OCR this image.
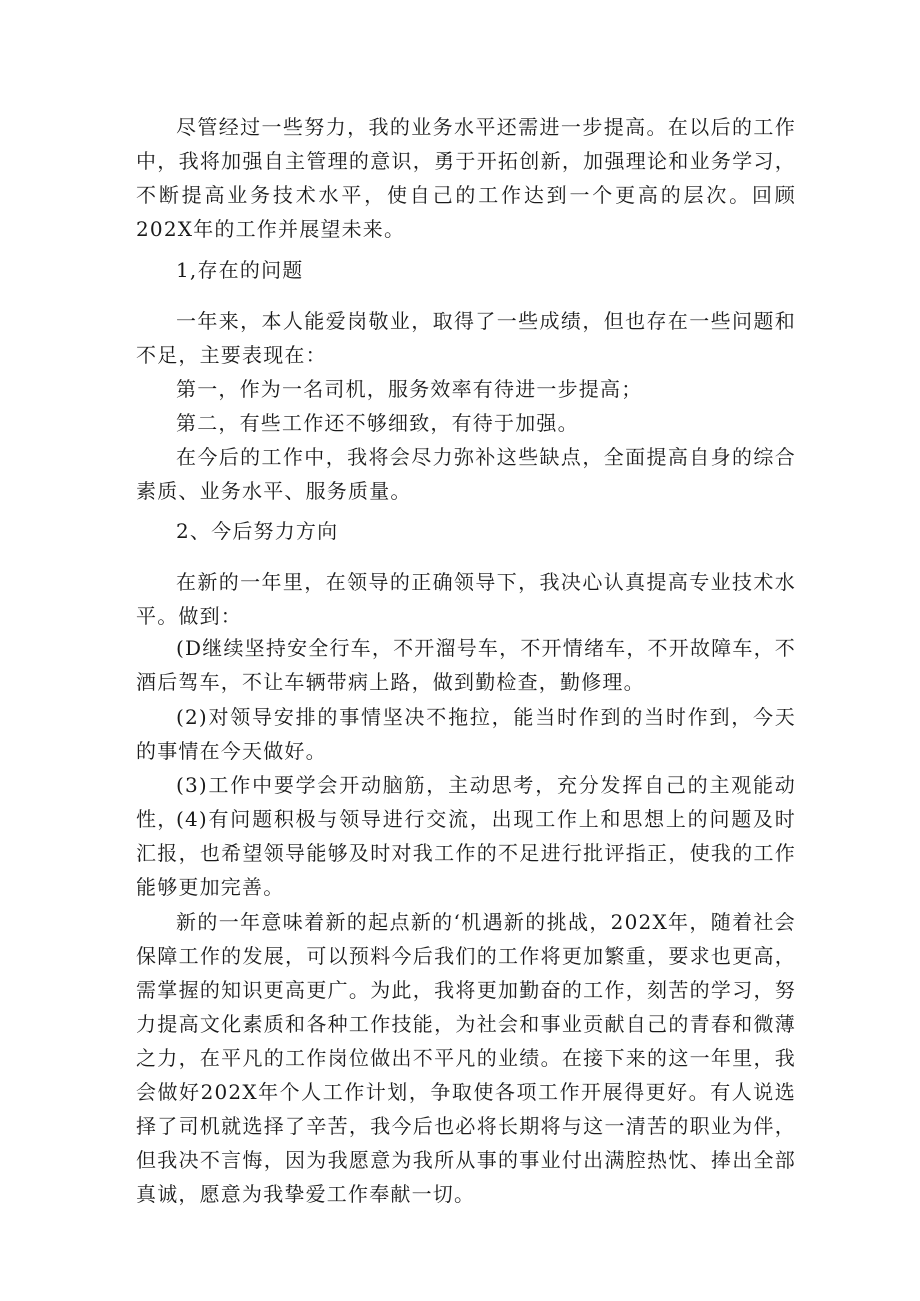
尽管经过一些努力，我的业务水平还需进一步提高。在以后的工作中，我将加强自主管理的意识，勇于开拓创新，加强理论和业务学习，不断提高业务技术水平，使自己的工作达到一个更高的层次。回顾202X年的工作并展望未来。

1,存在的问题

一年来，本人能爱岗敬业，取得了一些成绩，但也存在一些问题和不足，主要表现在：

第一，作为一名司机，服务效率有待进一步提高；

第二，有些工作还不够细致，有待于加强。

在今后的工作中，我将会尽力弥补这些缺点，全面提高自身的综合素质、业务水平、服务质量。

2、今后努力方向

在新的一年里，在领导的正确领导下，我决心认真提高专业技术水平。做到：

(D继续坚持安全行车，不开溜号车，不开情绪车，不开故障车，不酒后驾车，不让车辆带病上路，做到勤检查，勤修理。

(2)对领导安排的事情坚决不拖拉，能当时作到的当时作到，今天的事情在今天做好。

(3)工作中要学会开动脑筋，主动思考，充分发挥自己的主观能动性，

(4)有问题积极与领导进行交流，出现工作上和思想上的问题及时汇报，也希望领导能够及时对我工作的不足进行批评指正，使我的工作能够更加完善。

新的一年意味着新的起点新的‘机遇新的挑战，202X年，随着社会保障工作的发展，可以预料今后我们的工作将更加繁重，要求也更高，需掌握的知识更高更广。为此，我将更加勤奋的工作，刻苦的学习，努力提高文化素质和各种工作技能，为社会和事业贡献自己的青春和微薄之力，在平凡的工作岗位做出不平凡的业绩。在接下来的这一年里，我会做好202X年个人工作计划，争取使各项工作开展得更好。有人说选择了司机就选择了辛苦，我今后也必将长期将与这一清苦的职业为伴，但我决不言悔，因为我愿意为我所从事的事业付出满腔热忱、捧出全部真诚，愿意为我挚爱工作奉献一切。
